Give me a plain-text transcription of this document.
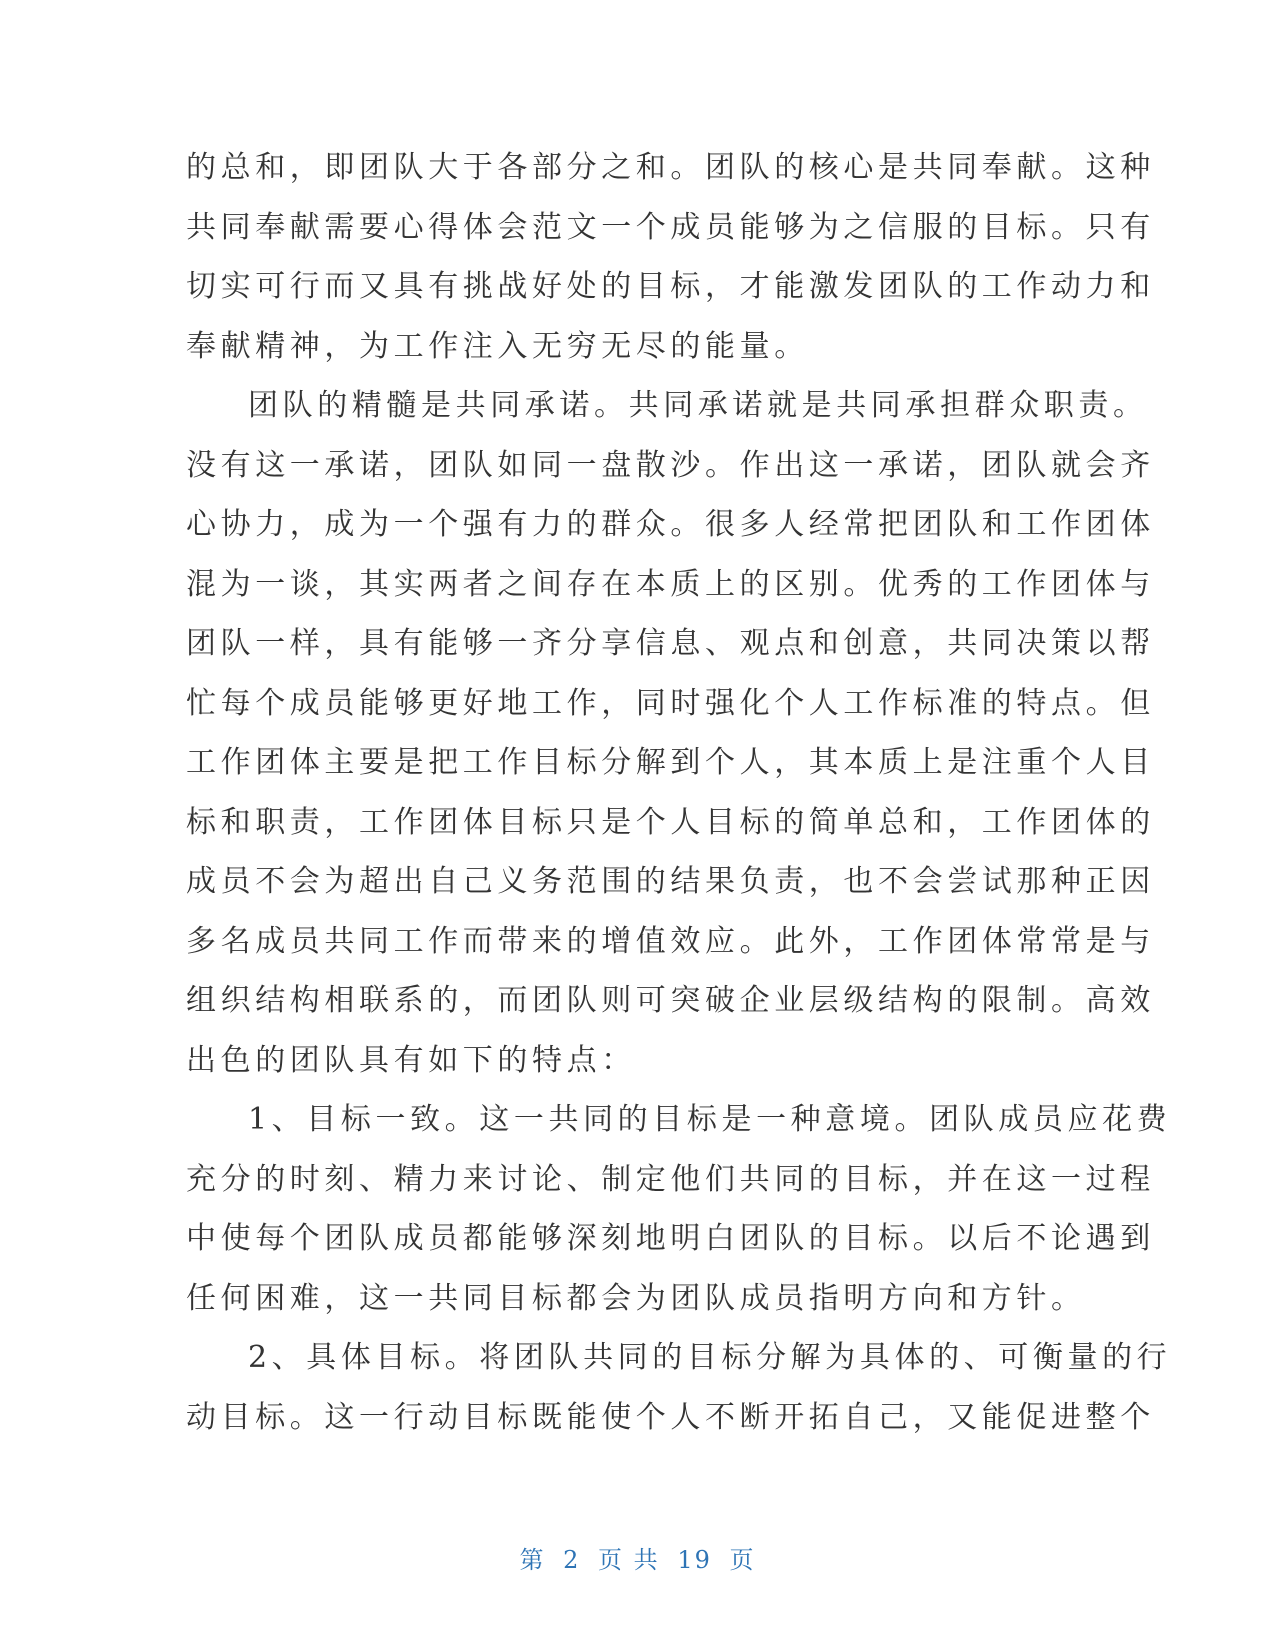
的总和，即团队大于各部分之和。团队的核心是共同奉献。这种
共同奉献需要心得体会范文一个成员能够为之信服的目标。只有
切实可行而又具有挑战好处的目标，才能激发团队的工作动力和
奉献精神，为工作注入无穷无尽的能量。
团队的精髓是共同承诺。共同承诺就是共同承担群众职责。
没有这一承诺，团队如同一盘散沙。作出这一承诺，团队就会齐
心协力，成为一个强有力的群众。很多人经常把团队和工作团体
混为一谈，其实两者之间存在本质上的区别。优秀的工作团体与
团队一样，具有能够一齐分享信息、观点和创意，共同决策以帮
忙每个成员能够更好地工作，同时强化个人工作标准的特点。但
工作团体主要是把工作目标分解到个人，其本质上是注重个人目
标和职责，工作团体目标只是个人目标的简单总和，工作团体的
成员不会为超出自己义务范围的结果负责，也不会尝试那种正因
多名成员共同工作而带来的增值效应。此外，工作团体常常是与
组织结构相联系的，而团队则可突破企业层级结构的限制。高效
出色的团队具有如下的特点：
1、目标一致。这一共同的目标是一种意境。团队成员应花费
充分的时刻、精力来讨论、制定他们共同的目标，并在这一过程
中使每个团队成员都能够深刻地明白团队的目标。以后不论遇到
任何困难，这一共同目标都会为团队成员指明方向和方针。
2、具体目标。将团队共同的目标分解为具体的、可衡量的行
动目标。这一行动目标既能使个人不断开拓自己，又能促进整个
第 2 页 共 19 页
